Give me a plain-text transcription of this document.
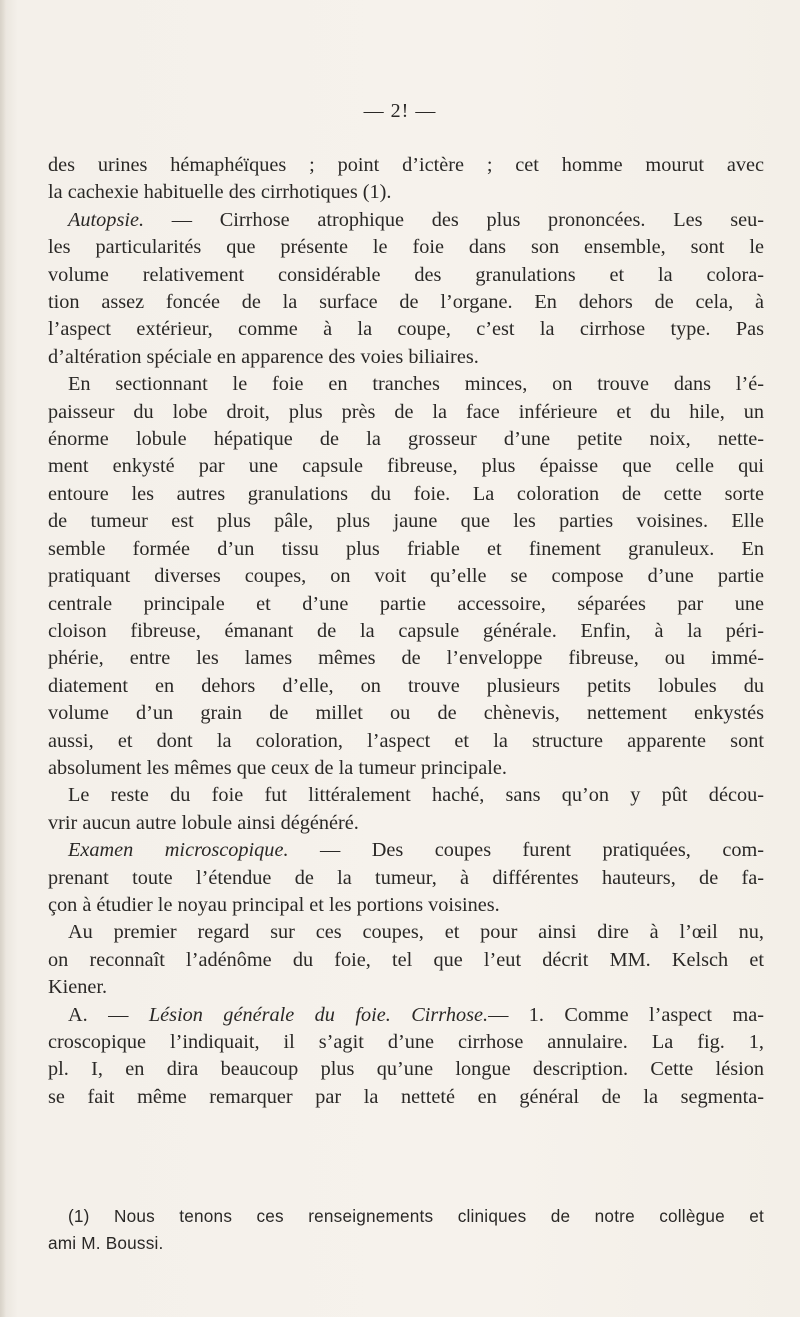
— 2! —
des urines hémaphéïques ; point d’ictère ; cet homme mourut avec
la cachexie habituelle des cirrhotiques (1).
Autopsie. — Cirrhose atrophique des plus prononcées. Les seu-
les particularités que présente le foie dans son ensemble, sont le
volume relativement considérable des granulations et la colora-
tion assez foncée de la surface de l’organe. En dehors de cela, à
l’aspect extérieur, comme à la coupe, c’est la cirrhose type. Pas
d’altération spéciale en apparence des voies biliaires.
En sectionnant le foie en tranches minces, on trouve dans l’é-
paisseur du lobe droit, plus près de la face inférieure et du hile, un
énorme lobule hépatique de la grosseur d’une petite noix, nette-
ment enkysté par une capsule fibreuse, plus épaisse que celle qui
entoure les autres granulations du foie. La coloration de cette sorte
de tumeur est plus pâle, plus jaune que les parties voisines. Elle
semble formée d’un tissu plus friable et finement granuleux. En
pratiquant diverses coupes, on voit qu’elle se compose d’une partie
centrale principale et d’une partie accessoire, séparées par une
cloison fibreuse, émanant de la capsule générale. Enfin, à la péri-
phérie, entre les lames mêmes de l’enveloppe fibreuse, ou immé-
diatement en dehors d’elle, on trouve plusieurs petits lobules du
volume d’un grain de millet ou de chènevis, nettement enkystés
aussi, et dont la coloration, l’aspect et la structure apparente sont
absolument les mêmes que ceux de la tumeur principale.
Le reste du foie fut littéralement haché, sans qu’on y pût décou-
vrir aucun autre lobule ainsi dégénéré.
Examen microscopique. — Des coupes furent pratiquées, com-
prenant toute l’étendue de la tumeur, à différentes hauteurs, de fa-
çon à étudier le noyau principal et les portions voisines.
Au premier regard sur ces coupes, et pour ainsi dire à l’œil nu,
on reconnaît l’adénôme du foie, tel que l’eut décrit MM. Kelsch et
Kiener.
A. — Lésion générale du foie. Cirrhose.— 1. Comme l’aspect ma-
croscopique l’indiquait, il s’agit d’une cirrhose annulaire. La fig. 1,
pl. I, en dira beaucoup plus qu’une longue description. Cette lésion
se fait même remarquer par la netteté en général de la segmenta-
(1) Nous tenons ces renseignements cliniques de notre collègue et
ami M. Boussi.
